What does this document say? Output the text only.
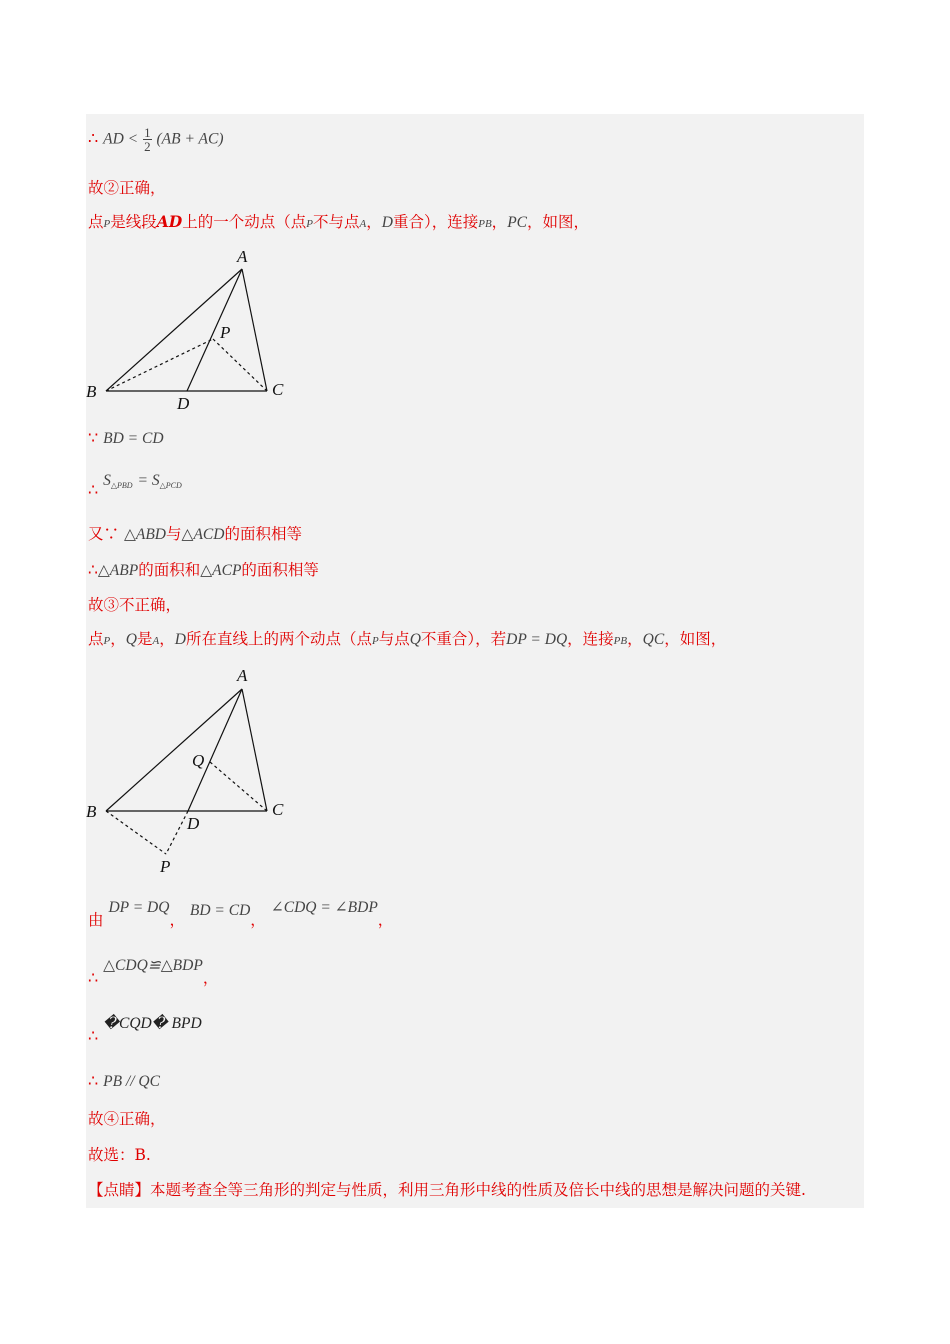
∴ AD < $\frac{1}{2} (AB + AC)$
故②正确，
点P是线段AD上的一个动点（点P不与点A，D重合），连接PB，PC，如图，
A
B	C
D
P
∵ BD = CD
∴ $S_{\triangle PBD} = S_{\triangle PCD}$
又∵ △ABD与△ACD的面积相等
∴△ABP的面积和△ACP的面积相等
故③不正确，
点P，Q是A，D所在直线上的两个动点（点P与点Q不重合），若DP = DQ，连接PB，QC，如图，
A
B	C
D
P
Q
由 DP = DQ， BD = CD， ∠CDQ = ∠BDP，
∴ △CDQ≌△BDP，
∴ �CQD� BPD
∴ PB // QC
故④正确，
故选：B.
【点睛】本题考查全等三角形的判定与性质，利用三角形中线的性质及倍长中线的思想是解决问题的关键.
